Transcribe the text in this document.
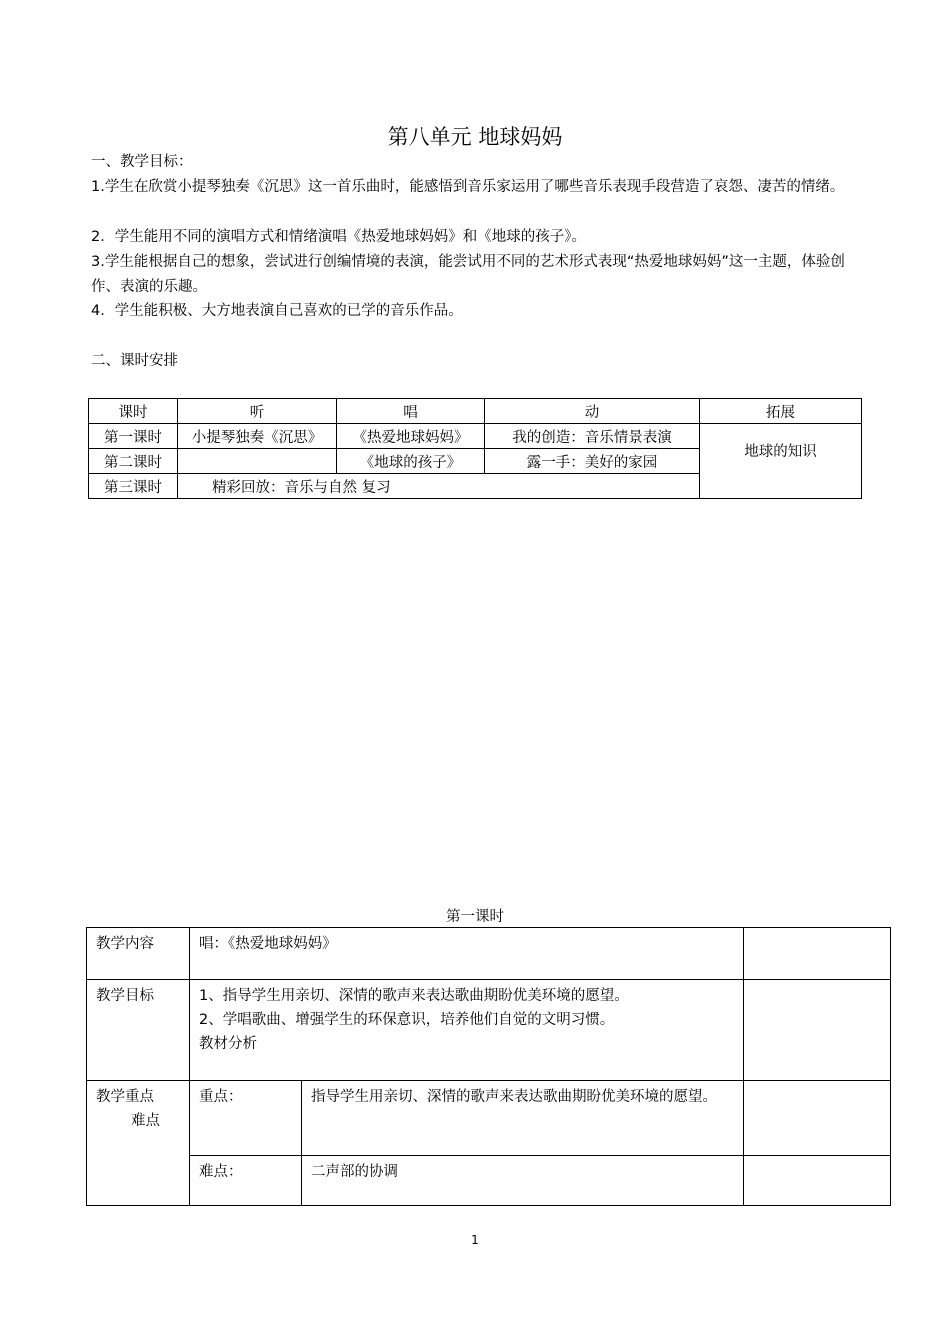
第八单元 地球妈妈
一、教学目标：
1.学生在欣赏小提琴独奏《沉思》这一首乐曲时，能感悟到音乐家运用了哪些音乐表现手段营造了哀怨、凄苦的情绪。
2．学生能用不同的演唱方式和情绪演唱《热爱地球妈妈》和《地球的孩子》。
3.学生能根据自己的想象，尝试进行创编情境的表演，能尝试用不同的艺术形式表现“热爱地球妈妈”这一主题，体验创作、表演的乐趣。
4．学生能积极、大方地表演自己喜欢的已学的音乐作品。
二、课时安排
课时	听	唱	动	拓展
第一课时	小提琴独奏《沉思》	《热爱地球妈妈》	我的创造：音乐情景表演	地球的知识
第二课时		《地球的孩子》	露一手：美好的家园	
第三课时	精彩回放：音乐与自然 复习			
第一课时
教学内容	唱：《热爱地球妈妈》		
教学目标	1、指导学生用亲切、深情的歌声来表达歌曲期盼优美环境的愿望。
2、学唱歌曲、增强学生的环保意识，培养他们自觉的文明习惯。
教材分析		

教学重点
难点	重点：	指导学生用亲切、深情的歌声来表达歌曲期盼优美环境的愿望。	
	难点：	二声部的协调	
1
